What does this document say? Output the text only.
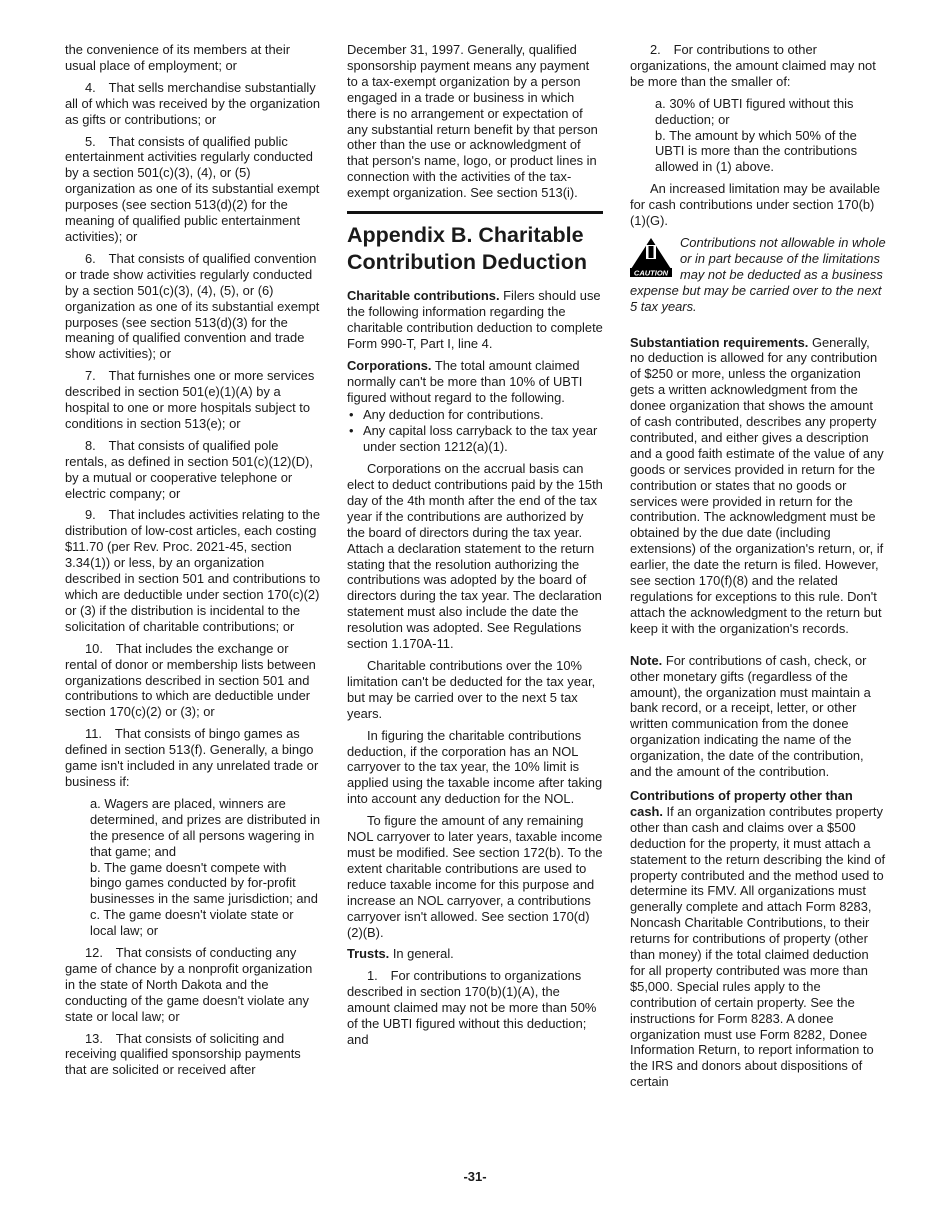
the convenience of its members at their usual place of employment; or

4. That sells merchandise substantially all of which was received by the organization as gifts or contributions; or

5. That consists of qualified public entertainment activities regularly conducted by a section 501(c)(3), (4), or (5) organization as one of its substantial exempt purposes (see section 513(d)(2) for the meaning of qualified public entertainment activities); or

6. That consists of qualified convention or trade show activities regularly conducted by a section 501(c)(3), (4), (5), or (6) organization as one of its substantial exempt purposes (see section 513(d)(3) for the meaning of qualified convention and trade show activities); or

7. That furnishes one or more services described in section 501(e)(1)(A) by a hospital to one or more hospitals subject to conditions in section 513(e); or

8. That consists of qualified pole rentals, as defined in section 501(c)(12)(D), by a mutual or cooperative telephone or electric company; or

9. That includes activities relating to the distribution of low-cost articles, each costing $11.70 (per Rev. Proc. 2021-45, section 3.34(1)) or less, by an organization described in section 501 and contributions to which are deductible under section 170(c)(2) or (3) if the distribution is incidental to the solicitation of charitable contributions; or

10. That includes the exchange or rental of donor or membership lists between organizations described in section 501 and contributions to which are deductible under section 170(c)(2) or (3); or

11. That consists of bingo games as defined in section 513(f). Generally, a bingo game isn't included in any unrelated trade or business if:

a. Wagers are placed, winners are determined, and prizes are distributed in the presence of all persons wagering in that game; and
b. The game doesn't compete with bingo games conducted by for-profit businesses in the same jurisdiction; and
c. The game doesn't violate state or local law; or

12. That consists of conducting any game of chance by a nonprofit organization in the state of North Dakota and the conducting of the game doesn't violate any state or local law; or

13. That consists of soliciting and receiving qualified sponsorship payments that are solicited or received after

December 31, 1997. Generally, qualified sponsorship payment means any payment to a tax-exempt organization by a person engaged in a trade or business in which there is no arrangement or expectation of any substantial return benefit by that person other than the use or acknowledgment of that person's name, logo, or product lines in connection with the activities of the tax-exempt organization. See section 513(i).

Appendix B. Charitable Contribution Deduction

Charitable contributions. Filers should use the following information regarding the charitable contribution deduction to complete Form 990-T, Part I, line 4.

Corporations. The total amount claimed normally can't be more than 10% of UBTI figured without regard to the following.

• Any deduction for contributions.
• Any capital loss carryback to the tax year under section 1212(a)(1).

Corporations on the accrual basis can elect to deduct contributions paid by the 15th day of the 4th month after the end of the tax year if the contributions are authorized by the board of directors during the tax year. Attach a declaration statement to the return stating that the resolution authorizing the contributions was adopted by the board of directors during the tax year. The declaration statement must also include the date the resolution was adopted. See Regulations section 1.170A-11.

Charitable contributions over the 10% limitation can't be deducted for the tax year, but may be carried over to the next 5 tax years.

In figuring the charitable contributions deduction, if the corporation has an NOL carryover to the tax year, the 10% limit is applied using the taxable income after taking into account any deduction for the NOL.

To figure the amount of any remaining NOL carryover to later years, taxable income must be modified. See section 172(b). To the extent charitable contributions are used to reduce taxable income for this purpose and increase an NOL carryover, a contributions carryover isn't allowed. See section 170(d)(2)(B).

Trusts. In general.

1. For contributions to organizations described in section 170(b)(1)(A), the amount claimed may not be more than 50% of the UBTI figured without this deduction; and

2. For contributions to other organizations, the amount claimed may not be more than the smaller of:

a. 30% of UBTI figured without this deduction; or
b. The amount by which 50% of the UBTI is more than the contributions allowed in (1) above.

An increased limitation may be available for cash contributions under section 170(b)(1)(G).

CAUTION
Contributions not allowable in whole or in part because of the limitations may not be deducted as a business expense but may be carried over to the next 5 tax years.

Substantiation requirements. Generally, no deduction is allowed for any contribution of $250 or more, unless the organization gets a written acknowledgment from the donee organization that shows the amount of cash contributed, describes any property contributed, and either gives a description and a good faith estimate of the value of any goods or services provided in return for the contribution or states that no goods or services were provided in return for the contribution. The acknowledgment must be obtained by the due date (including extensions) of the organization's return, or, if earlier, the date the return is filed. However, see section 170(f)(8) and the related regulations for exceptions to this rule. Don't attach the acknowledgment to the return but keep it with the organization's records.

Note. For contributions of cash, check, or other monetary gifts (regardless of the amount), the organization must maintain a bank record, or a receipt, letter, or other written communication from the donee organization indicating the name of the organization, the date of the contribution, and the amount of the contribution.

Contributions of property other than cash. If an organization contributes property other than cash and claims over a $500 deduction for the property, it must attach a statement to the return describing the kind of property contributed and the method used to determine its FMV. All organizations must generally complete and attach Form 8283, Noncash Charitable Contributions, to their returns for contributions of property (other than money) if the total claimed deduction for all property contributed was more than $5,000. Special rules apply to the contribution of certain property. See the instructions for Form 8283. A donee organization must use Form 8282, Donee Information Return, to report information to the IRS and donors about dispositions of certain

-31-
